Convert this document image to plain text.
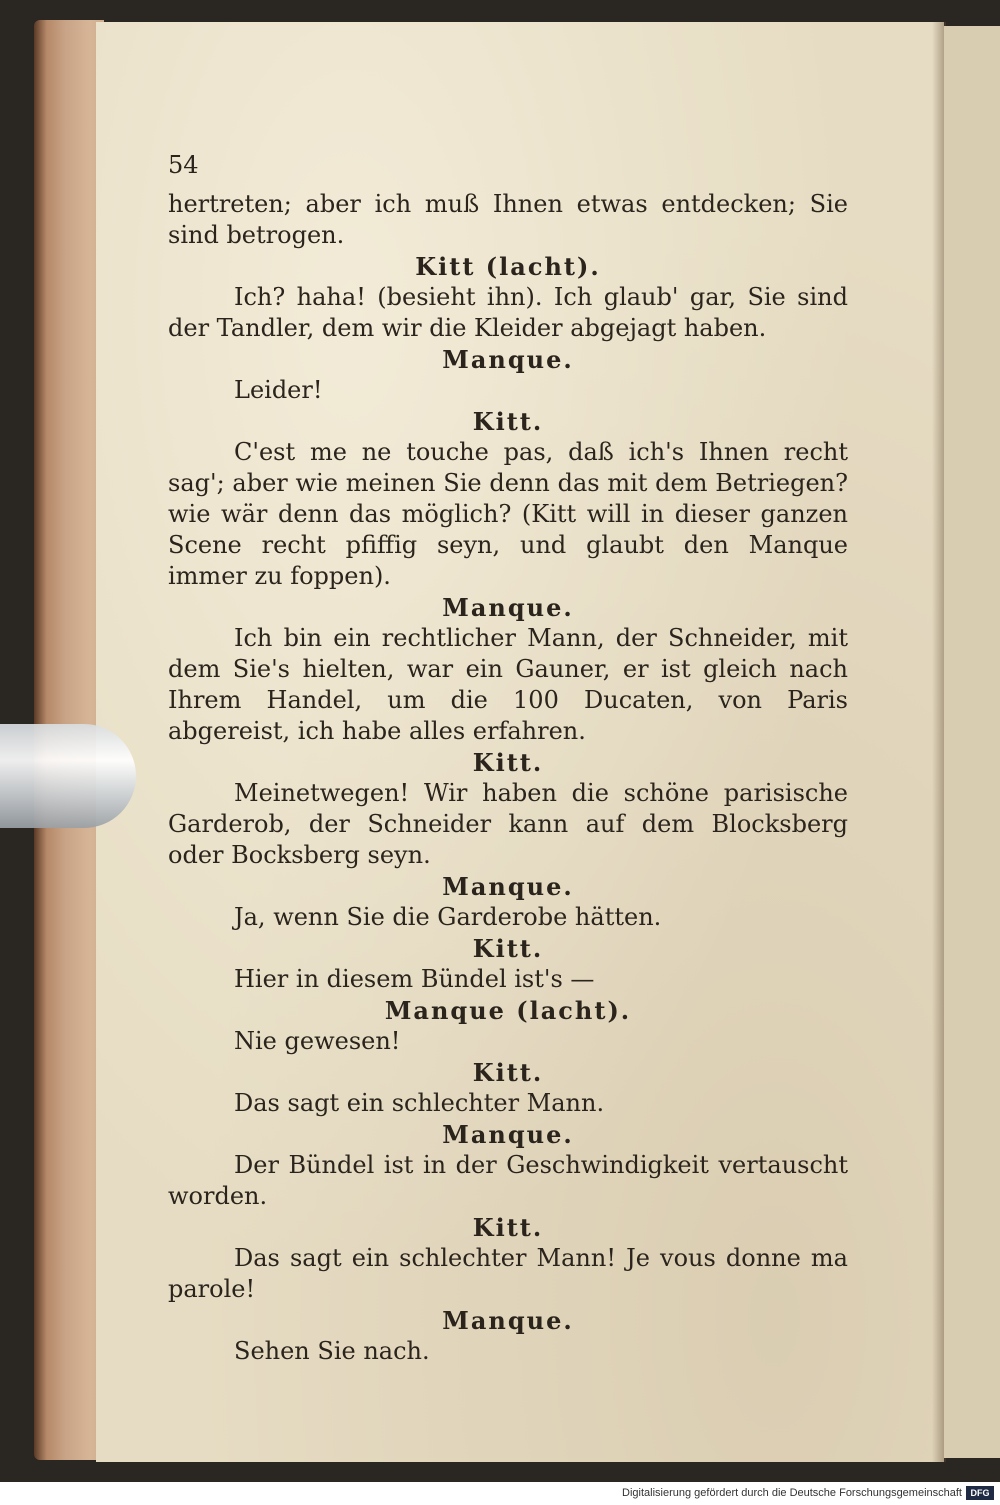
54

hertreten; aber ich muß Ihnen etwas entdecken; Sie sind betrogen.

Kitt (lacht).

Ich? haha! (besieht ihn). Ich glaub' gar, Sie sind der Tandler, dem wir die Kleider abgejagt haben.

Manque.

Leider!

Kitt.

C'est me ne touche pas, daß ich's Ihnen recht sag'; aber wie meinen Sie denn das mit dem Betriegen? wie wär denn das möglich? (Kitt will in dieser ganzen Scene recht pfiffig seyn, und glaubt den Manque immer zu foppen).

Manque.

Ich bin ein rechtlicher Mann, der Schneider, mit dem Sie's hielten, war ein Gauner, er ist gleich nach Ihrem Handel, um die 100 Ducaten, von Paris abgereist, ich habe alles erfahren.

Kitt.

Meinetwegen! Wir haben die schöne parisische Garderob, der Schneider kann auf dem Blocksberg oder Bocksberg seyn.

Manque.

Ja, wenn Sie die Garderobe hätten.

Kitt.

Hier in diesem Bündel ist's —

Manque (lacht).

Nie gewesen!

Kitt.

Das sagt ein schlechter Mann.

Manque.

Der Bündel ist in der Geschwindigkeit vertauscht worden.

Kitt.

Das sagt ein schlechter Mann! Je vous donne ma parole!

Manque.

Sehen Sie nach.

Digitalisierung gefördert durch die Deutsche Forschungsgemeinschaft DFG
